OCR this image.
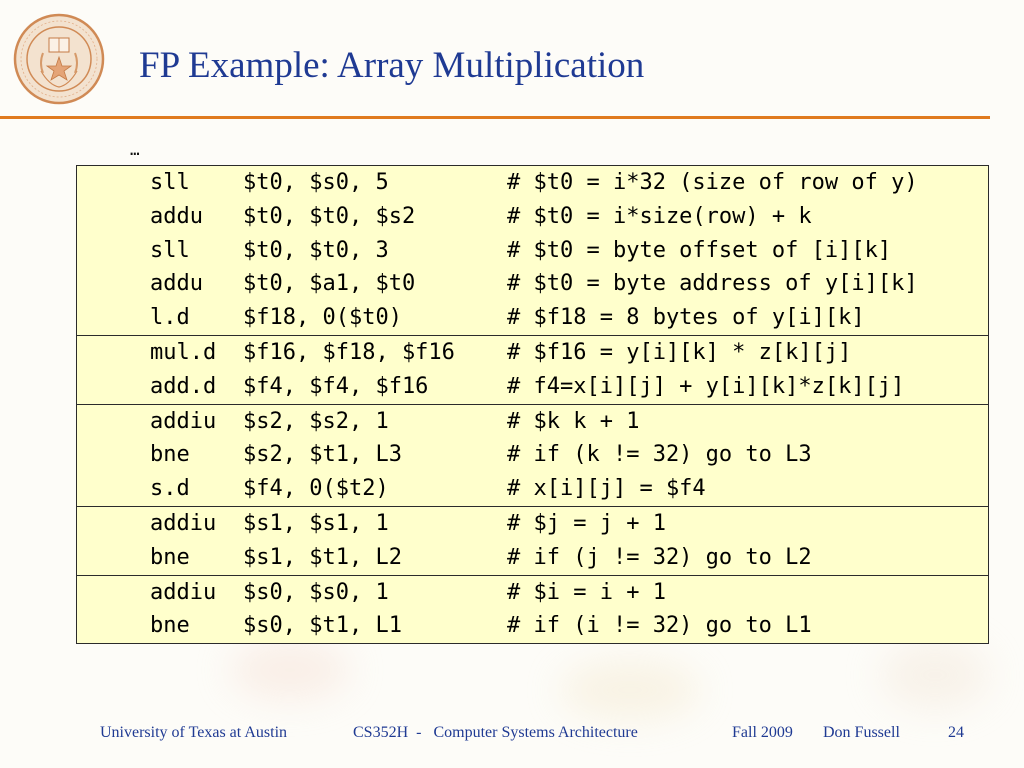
FP Example: Array Multiplication
…
sll $t0, $s0, 5	# $t0 = i*32 (size of row of y)
addu $t0, $t0, $s2	# $t0 = i*size(row) + k
sll $t0, $t0, 3	# $t0 = byte offset of [i][k]
addu $t0, $a1, $t0	# $t0 = byte address of y[i][k]
l.d $f18, 0($t0)	# $f18 = 8 bytes of y[i][k]
mul.d $f16, $f18, $f16 # $f16 = y[i][k] * z[k][j]
add.d $f4, $f4, $f16	# f4=x[i][j] + y[i][k]*z[k][j]
addiu $s2, $s2, 1	# $k k + 1
bne $s2, $t1, L3	# if (k != 32) go to L3
s.d $f4, 0($t2)	# x[i][j] = $f4
addiu $s1, $s1, 1	# $j = j + 1
bne $s1, $t1, L2	# if (j != 32) go to L2
addiu $s0, $s0, 1	# $i = i + 1
bne $s0, $t1, L1	# if (i != 32) go to L1
University of Texas at Austin	CS352H  -   Computer Systems Architecture	Fall 2009 Don Fussell	24
